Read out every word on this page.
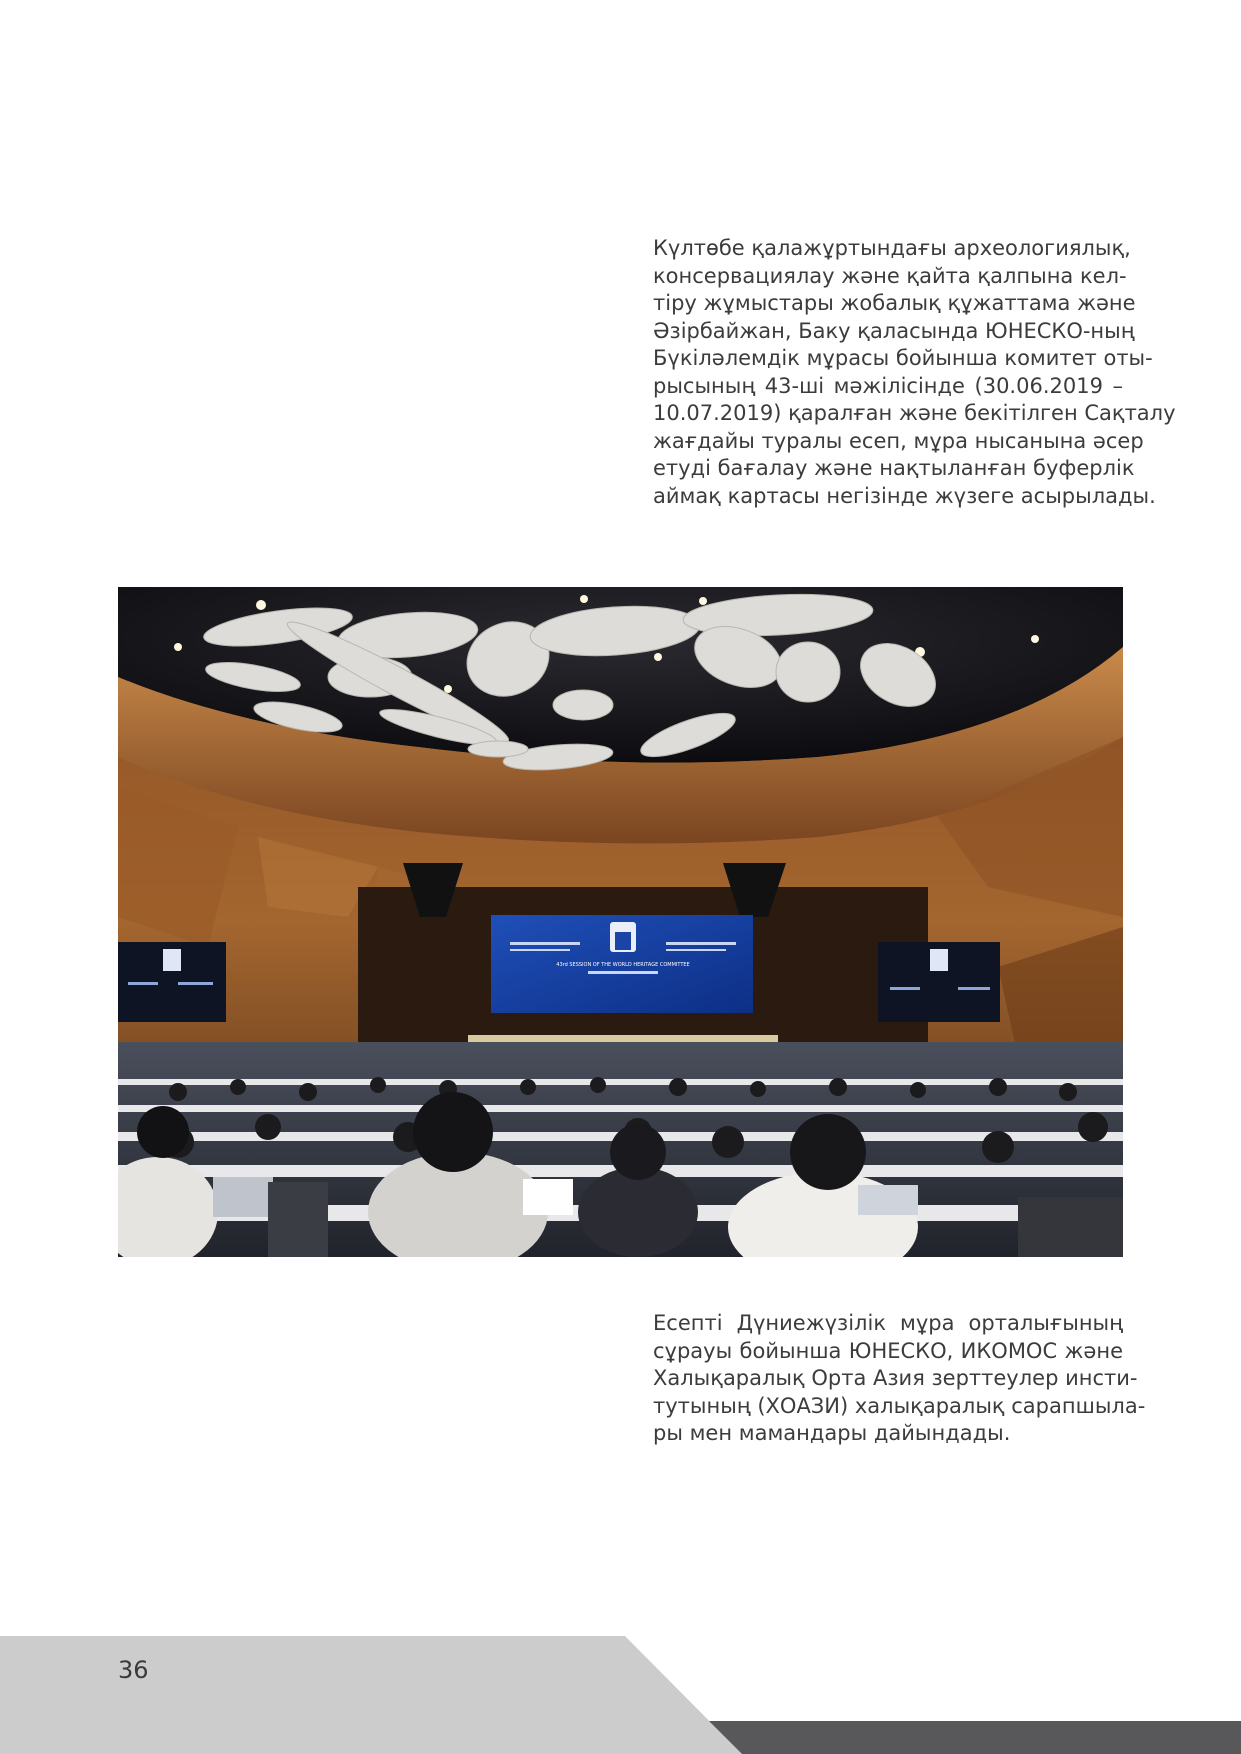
Күлтөбе қалажұртындағы археологиялық,
консервациялау және қайта қалпына кел-
тіру жұмыстары жобалық құжаттама және
Әзірбайжан, Баку қаласында ЮНЕСКО-ның
Бүкіләлемдік мұрасы бойынша комитет оты-
рысының 43-ші мәжілісінде (30.06.2019 –
10.07.2019) қаралған және бекітілген Сақталу
жағдайы туралы есеп, мұра нысанына әсер
етуді бағалау және нақтыланған буферлік
аймақ картасы негізінде жүзеге асырылады.
43rd SESSION OF THE WORLD HERITAGE COMMITTEE
Есепті Дүниежүзілік мұра орталығының
сұрауы бойынша ЮНЕСКО, ИКОМОС және
Халықаралық Орта Азия зерттеулер инсти-
тутының (ХОАЗИ) халықаралық сарапшыла-
ры мен мамандары дайындады.
36
